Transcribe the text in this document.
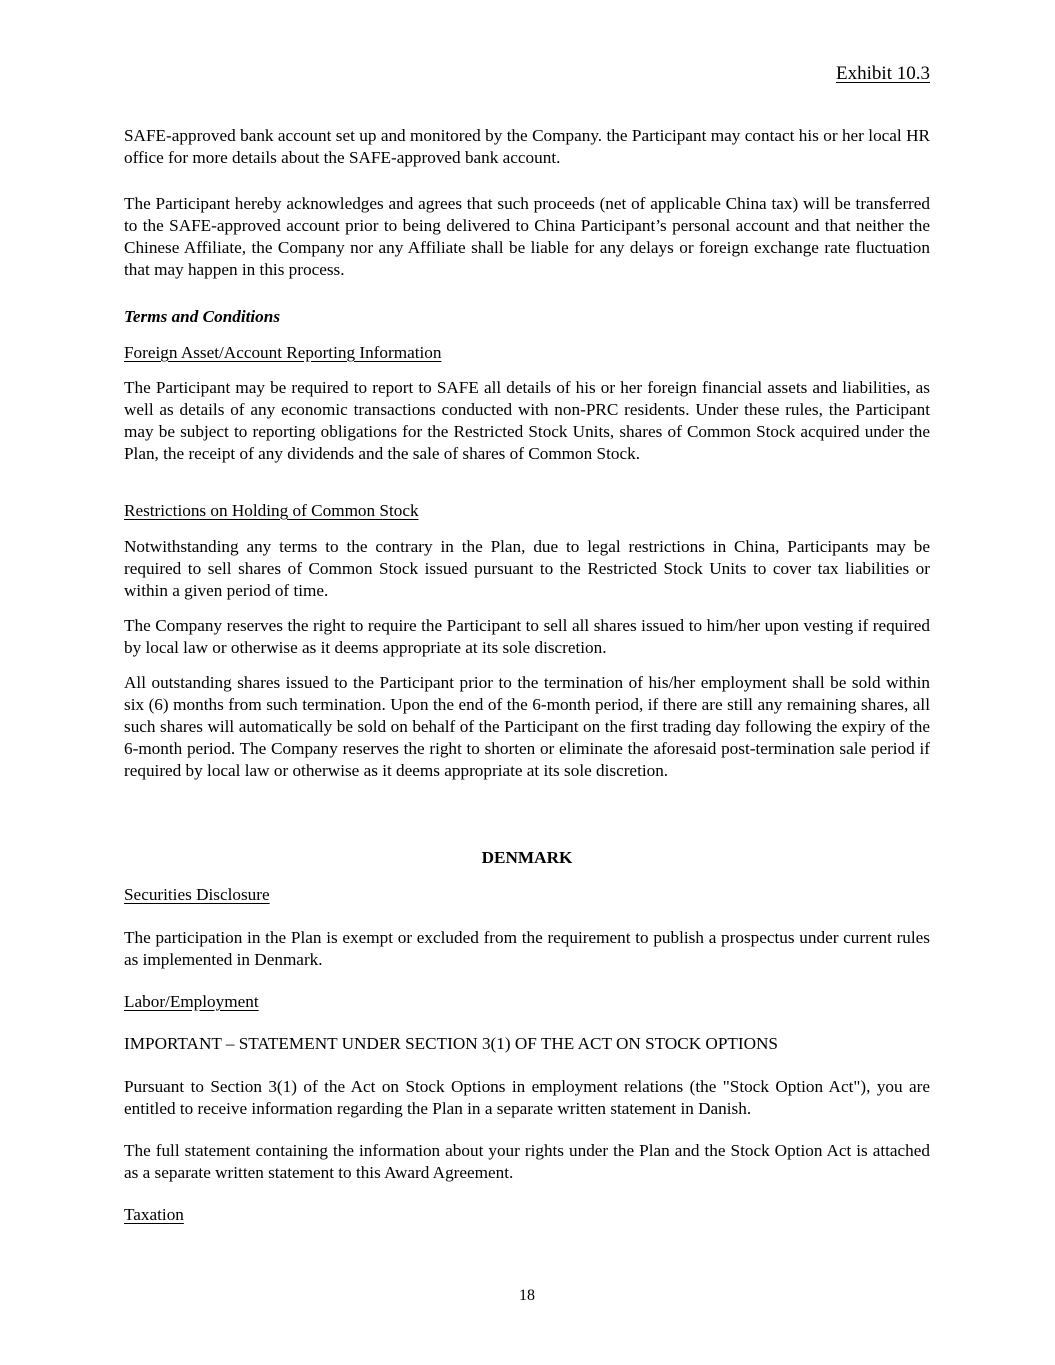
Exhibit 10.3

SAFE-approved bank account set up and monitored by the Company. the Participant may contact his or her local HR office for more details about the SAFE-approved bank account.

The Participant hereby acknowledges and agrees that such proceeds (net of applicable China tax) will be transferred to the SAFE-approved account prior to being delivered to China Participant’s personal account and that neither the Chinese Affiliate, the Company nor any Affiliate shall be liable for any delays or foreign exchange rate fluctuation that may happen in this process.

Terms and Conditions

Foreign Asset/Account Reporting Information

The Participant may be required to report to SAFE all details of his or her foreign financial assets and liabilities, as well as details of any economic transactions conducted with non-PRC residents. Under these rules, the Participant may be subject to reporting obligations for the Restricted Stock Units, shares of Common Stock acquired under the Plan, the receipt of any dividends and the sale of shares of Common Stock.

Restrictions on Holding of Common Stock

Notwithstanding any terms to the contrary in the Plan, due to legal restrictions in China, Participants may be required to sell shares of Common Stock issued pursuant to the Restricted Stock Units to cover tax liabilities or within a given period of time.

The Company reserves the right to require the Participant to sell all shares issued to him/her upon vesting if required by local law or otherwise as it deems appropriate at its sole discretion.

All outstanding shares issued to the Participant prior to the termination of his/her employment shall be sold within six (6) months from such termination. Upon the end of the 6-month period, if there are still any remaining shares, all such shares will automatically be sold on behalf of the Participant on the first trading day following the expiry of the 6-month period. The Company reserves the right to shorten or eliminate the aforesaid post-termination sale period if required by local law or otherwise as it deems appropriate at its sole discretion.

DENMARK

Securities Disclosure

The participation in the Plan is exempt or excluded from the requirement to publish a prospectus under current rules as implemented in Denmark.

Labor/Employment

IMPORTANT – STATEMENT UNDER SECTION 3(1) OF THE ACT ON STOCK OPTIONS

Pursuant to Section 3(1) of the Act on Stock Options in employment relations (the "Stock Option Act"), you are entitled to receive information regarding the Plan in a separate written statement in Danish.

The full statement containing the information about your rights under the Plan and the Stock Option Act is attached as a separate written statement to this Award Agreement.

Taxation

18
